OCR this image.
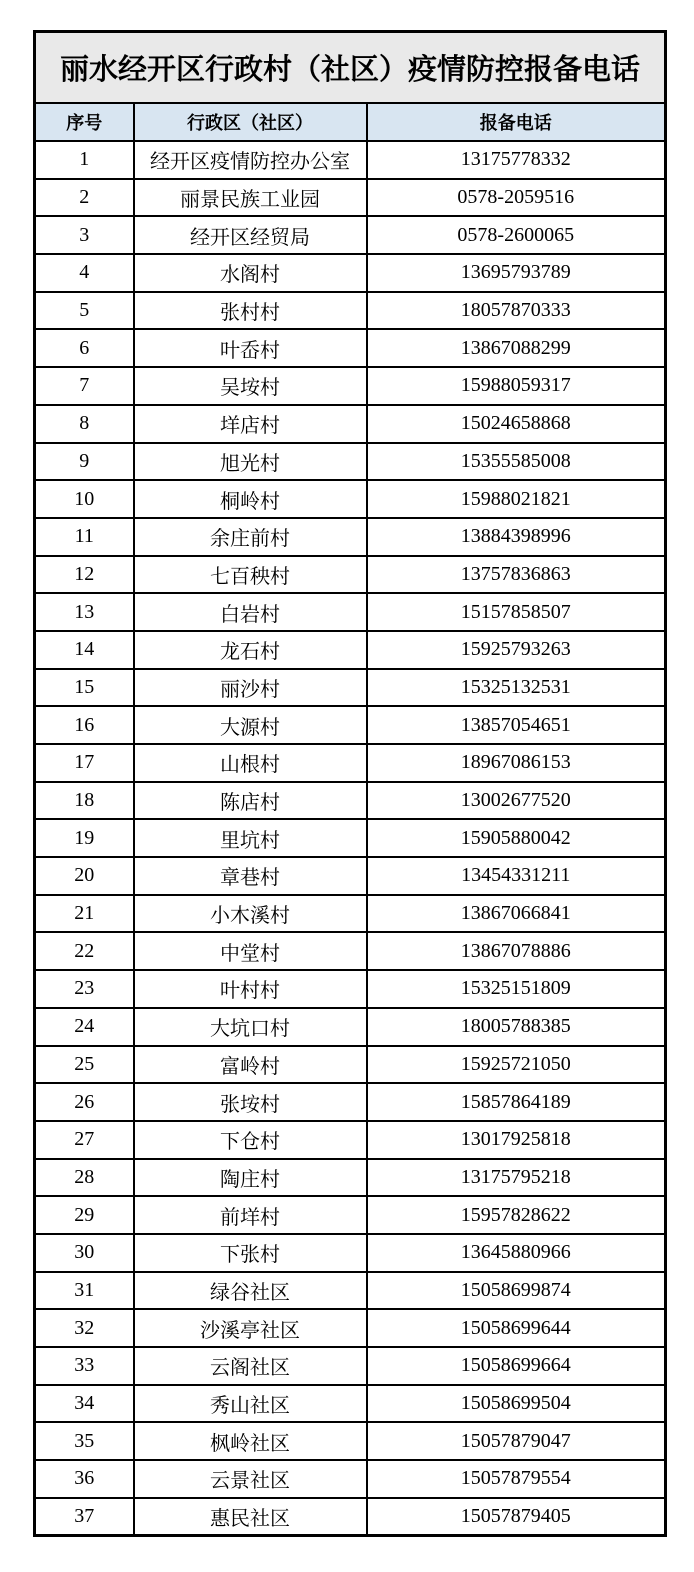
丽水经开区行政村（社区）疫情防控报备电话		
序号	行政区（社区）	报备电话
1	经开区疫情防控办公室	13175778332
2	丽景民族工业园	0578-2059516
3	经开区经贸局	0578-2600065
4	水阁村	13695793789
5	张村村	18057870333
6	叶岙村	13867088299
7	吴垵村	15988059317
8	垟店村	15024658868
9	旭光村	15355585008
10	桐岭村	15988021821
11	余庄前村	13884398996
12	七百秧村	13757836863
13	白岩村	15157858507
14	龙石村	15925793263
15	丽沙村	15325132531
16	大源村	13857054651
17	山根村	18967086153
18	陈店村	13002677520
19	里坑村	15905880042
20	章巷村	13454331211
21	小木溪村	13867066841
22	中堂村	13867078886
23	叶村村	15325151809
24	大坑口村	18005788385
25	富岭村	15925721050
26	张垵村	15857864189
27	下仓村	13017925818
28	陶庄村	13175795218
29	前垟村	15957828622
30	下张村	13645880966
31	绿谷社区	15058699874
32	沙溪亭社区	15058699644
33	云阁社区	15058699664
34	秀山社区	15058699504
35	枫岭社区	15057879047
36	云景社区	15057879554
37	惠民社区	15057879405
